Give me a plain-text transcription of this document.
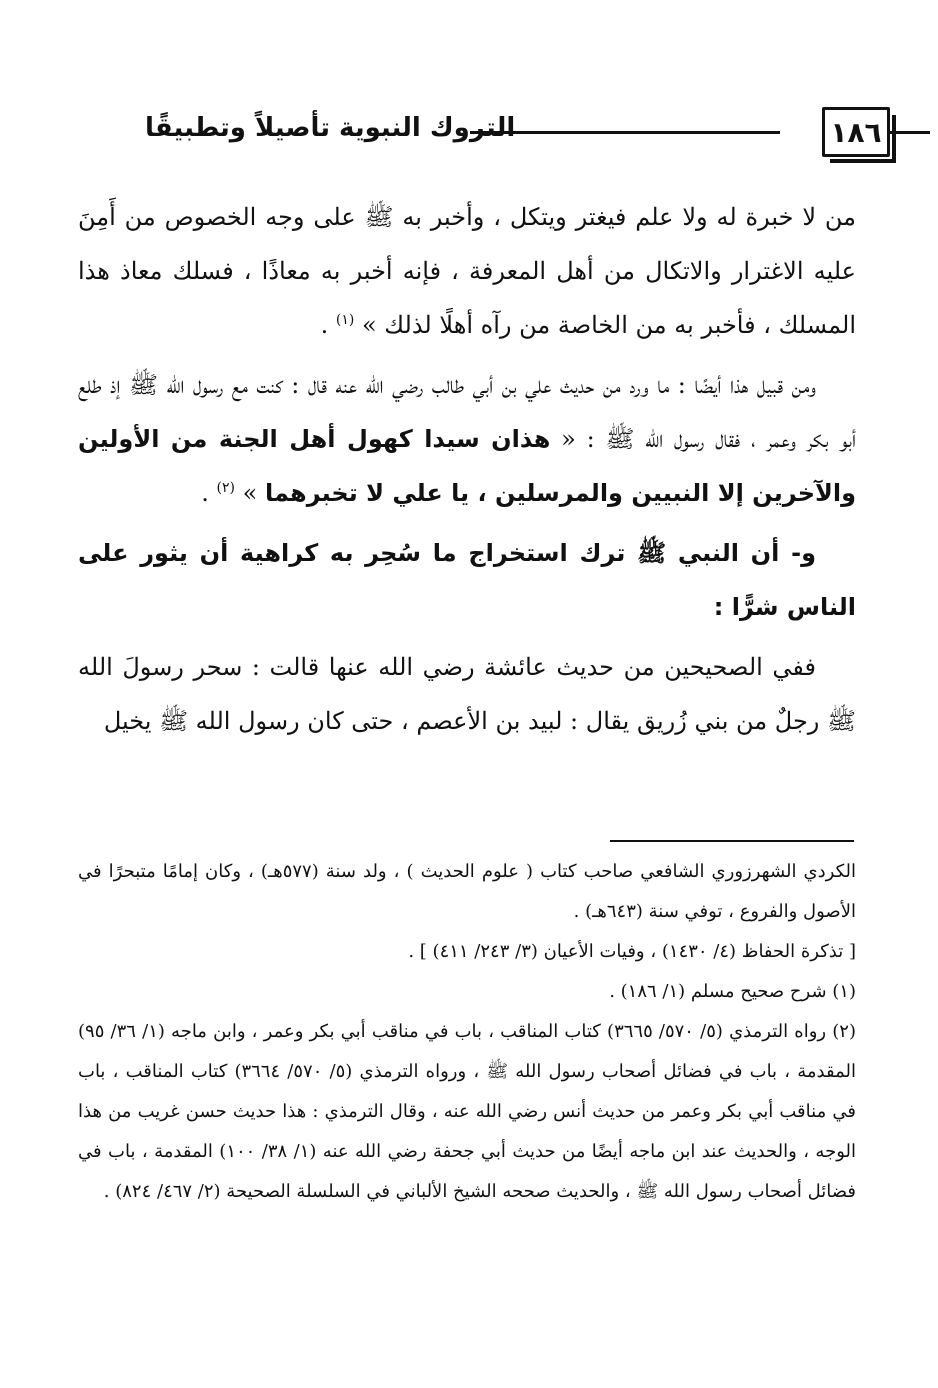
١٨٦
التروك النبوية تأصيلاً وتطبيقًا

من لا خبرة له ولا علم فيغتر ويتكل ، وأخبر به ﷺ على وجه الخصوص من أَمِنَ عليه الاغترار والاتكال من أهل المعرفة ، فإنه أخبر به معاذًا ، فسلك معاذ هذا المسلك ، فأخبر به من الخاصة من رآه أهلًا لذلك » $^{(١)}$ .

ومن قبيل هذا أيضًا : ما ورد من حديث علي بن أبي طالب رضي الله عنه قال : كنت مع رسول الله ﷺ إذ طلع أبو بكر وعمر ، فقال رسول الله ﷺ : « هذان سيدا كهول أهل الجنة من الأولين والآخرين إلا النبيين والمرسلين ، يا علي لا تخبرهما » $^{(٢)}$ .

و- أن النبي ﷺ ترك استخراج ما سُحِر به كراهية أن يثور على الناس شرًّا :

ففي الصحيحين من حديث عائشة رضي الله عنها قالت : سحر رسولَ الله ﷺ رجلٌ من بني زُريق يقال : لبيد بن الأعصم ، حتى كان رسول الله ﷺ يخيل

الكردي الشهرزوري الشافعي صاحب كتاب ( علوم الحديث ) ، ولد سنة (٥٧٧هـ) ، وكان إمامًا متبحرًا في الأصول والفروع ، توفي سنة (٦٤٣هـ) .

[ تذكرة الحفاظ (٤/ ١٤٣٠) ، وفيات الأعيان (٣/ ٢٤٣/ ٤١١) ] .

(١) شرح صحيح مسلم (١/ ١٨٦) .

(٢) رواه الترمذي (٥/ ٥٧٠/ ٣٦٦٥) كتاب المناقب ، باب في مناقب أبي بكر وعمر ، وابن ماجه (١/ ٣٦/ ٩٥) المقدمة ، باب في فضائل أصحاب رسول الله ﷺ ، ورواه الترمذي (٥/ ٥٧٠/ ٣٦٦٤) كتاب المناقب ، باب في مناقب أبي بكر وعمر من حديث أنس رضي الله عنه ، وقال الترمذي : هذا حديث حسن غريب من هذا الوجه ، والحديث عند ابن ماجه أيضًا من حديث أبي جحفة رضي الله عنه (١/ ٣٨/ ١٠٠) المقدمة ، باب في فضائل أصحاب رسول الله ﷺ ، والحديث صححه الشيخ الألباني في السلسلة الصحيحة (٢/ ٤٦٧/ ٨٢٤) .
